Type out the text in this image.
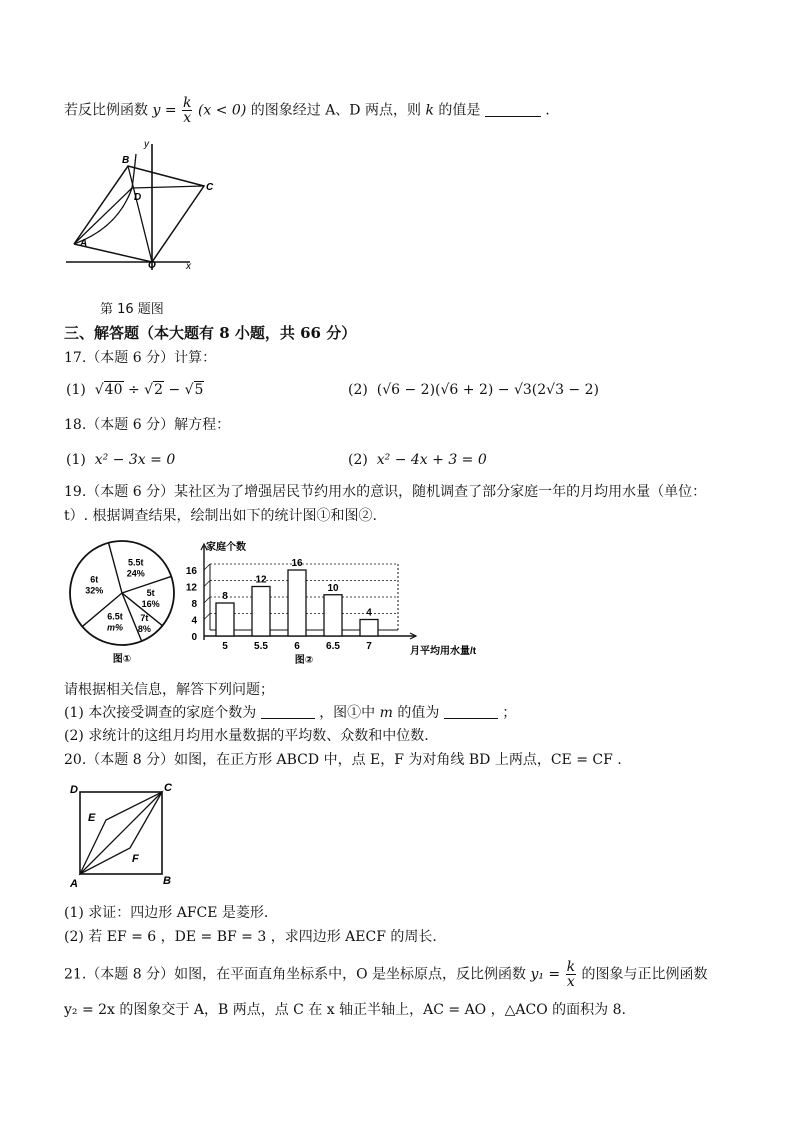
若反比例函数 $y = \frac{k}{x} (x < 0)$ 的图象经过 A、D 两点，则 k 的值是	.
B
D
C
A
O	x
y
第 16 题图
三、解答题（本大题有 8 小题，共 66 分）
17.（本题 6 分）计算：
(1)  √40 ÷ √2 − √5	(2) (√6 − 2)(√6 + 2) − √3(2√3 − 2)
18.（本题 6 分）解方程：
(1) x² − 3x = 0	(2) x² − 4x + 3 = 0
19.（本题 6 分）某社区为了增强居民节约用水的意识，随机调查了部分家庭一年的月均用水量（单位：
t）. 根据调查结果，绘制出如下的统计图①和图②.
5.5t
24%
5t
16%
7t
8%
6.5t
m%
6t
32%
图①
0
4
8
12
16
家庭个数
8
5
12
5.5
16
6
10
6.5
4
7	月平均用水量/t
图②
请根据相关信息，解答下列问题；
(1) 本次接受调查的家庭个数为	，图①中 m 的值为	；
(2) 求统计的这组月均用水量数据的平均数、众数和中位数.
20.（本题 8 分）如图，在正方形 ABCD 中，点 E，F 为对角线 BD 上两点，CE = CF .
D	C
E
F
A	B
(1) 求证：四边形 AFCE 是菱形.
(2) 若 EF = 6 ，DE = BF = 3 ，求四边形 AECF 的周长.
21.（本题 8 分）如图，在平面直角坐标系中，O 是坐标原点，反比例函数 $y_1 = \frac{k}{x}$ 的图象与正比例函数
y₂ = 2x 的图象交于 A，B 两点，点 C 在 x 轴正半轴上，AC = AO ，△ACO 的面积为 8.
